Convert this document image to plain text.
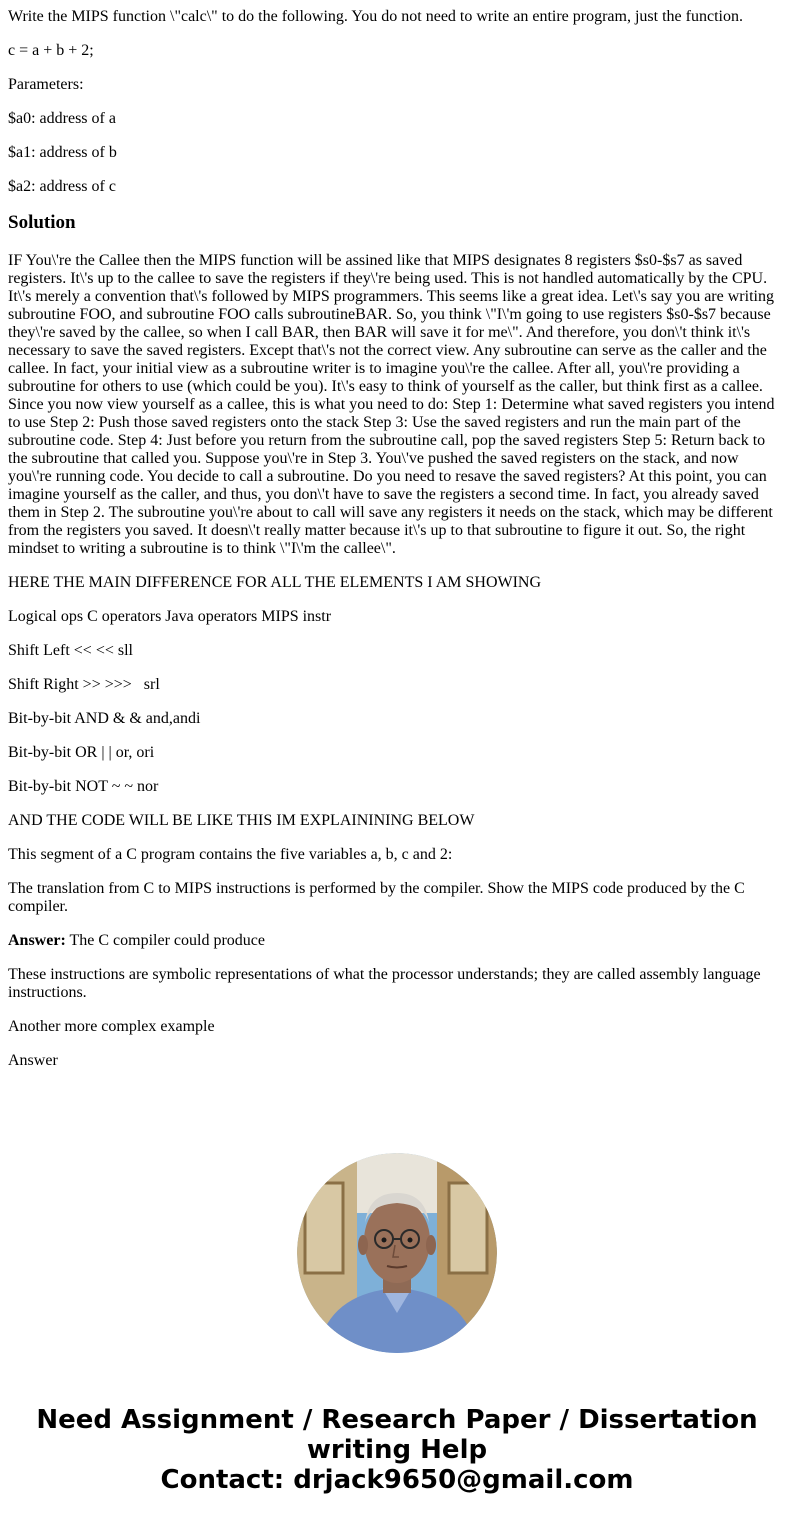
Write the MIPS function \"calc\" to do the following. You do not need to write an entire program, just the function.

c = a + b + 2;

Parameters:

$a0: address of a

$a1: address of b

$a2: address of c

Solution

IF You\'re the Callee then the MIPS function will be assined like that MIPS designates 8 registers $s0-$s7 as saved registers. It\'s up to the callee to save the registers if they\'re being used. This is not handled automatically by the CPU. It\'s merely a convention that\'s followed by MIPS programmers. This seems like a great idea. Let\'s say you are writing subroutine FOO, and subroutine FOO calls subroutineBAR. So, you think \"I\'m going to use registers $s0-$s7 because they\'re saved by the callee, so when I call BAR, then BAR will save it for me\". And therefore, you don\'t think it\'s necessary to save the saved registers. Except that\'s not the correct view. Any subroutine can serve as the caller and the callee. In fact, your initial view as a subroutine writer is to imagine you\'re the callee. After all, you\'re providing a subroutine for others to use (which could be you). It\'s easy to think of yourself as the caller, but think first as a callee. Since you now view yourself as a callee, this is what you need to do: Step 1: Determine what saved registers you intend to use Step 2: Push those saved registers onto the stack Step 3: Use the saved registers and run the main part of the subroutine code. Step 4: Just before you return from the subroutine call, pop the saved registers Step 5: Return back to the subroutine that called you. Suppose you\'re in Step 3. You\'ve pushed the saved registers on the stack, and now you\'re running code. You decide to call a subroutine. Do you need to resave the saved registers? At this point, you can imagine yourself as the caller, and thus, you don\'t have to save the registers a second time. In fact, you already saved them in Step 2. The subroutine you\'re about to call will save any registers it needs on the stack, which may be different from the registers you saved. It doesn\'t really matter because it\'s up to that subroutine to figure it out. So, the right mindset to writing a subroutine is to think \"I\'m the callee\".

HERE THE MAIN DIFFERENCE FOR ALL THE ELEMENTS I AM SHOWING

Logical ops C operators Java operators MIPS instr

Shift Left << << sll

Shift Right >> >>>   srl

Bit-by-bit AND & & and,andi

Bit-by-bit OR | | or, ori

Bit-by-bit NOT ~ ~ nor

AND THE CODE WILL BE LIKE THIS IM EXPLAININING BELOW

This segment of a C program contains the five variables a, b, c and 2:

The translation from C to MIPS instructions is performed by the compiler. Show the MIPS code produced by the C compiler.

Answer: The C compiler could produce

These instructions are symbolic representations of what the processor understands; they are called assembly language instructions.

Another more complex example

Answer

Need Assignment / Research Paper / Dissertation
writing Help
Contact: drjack9650@gmail.com
